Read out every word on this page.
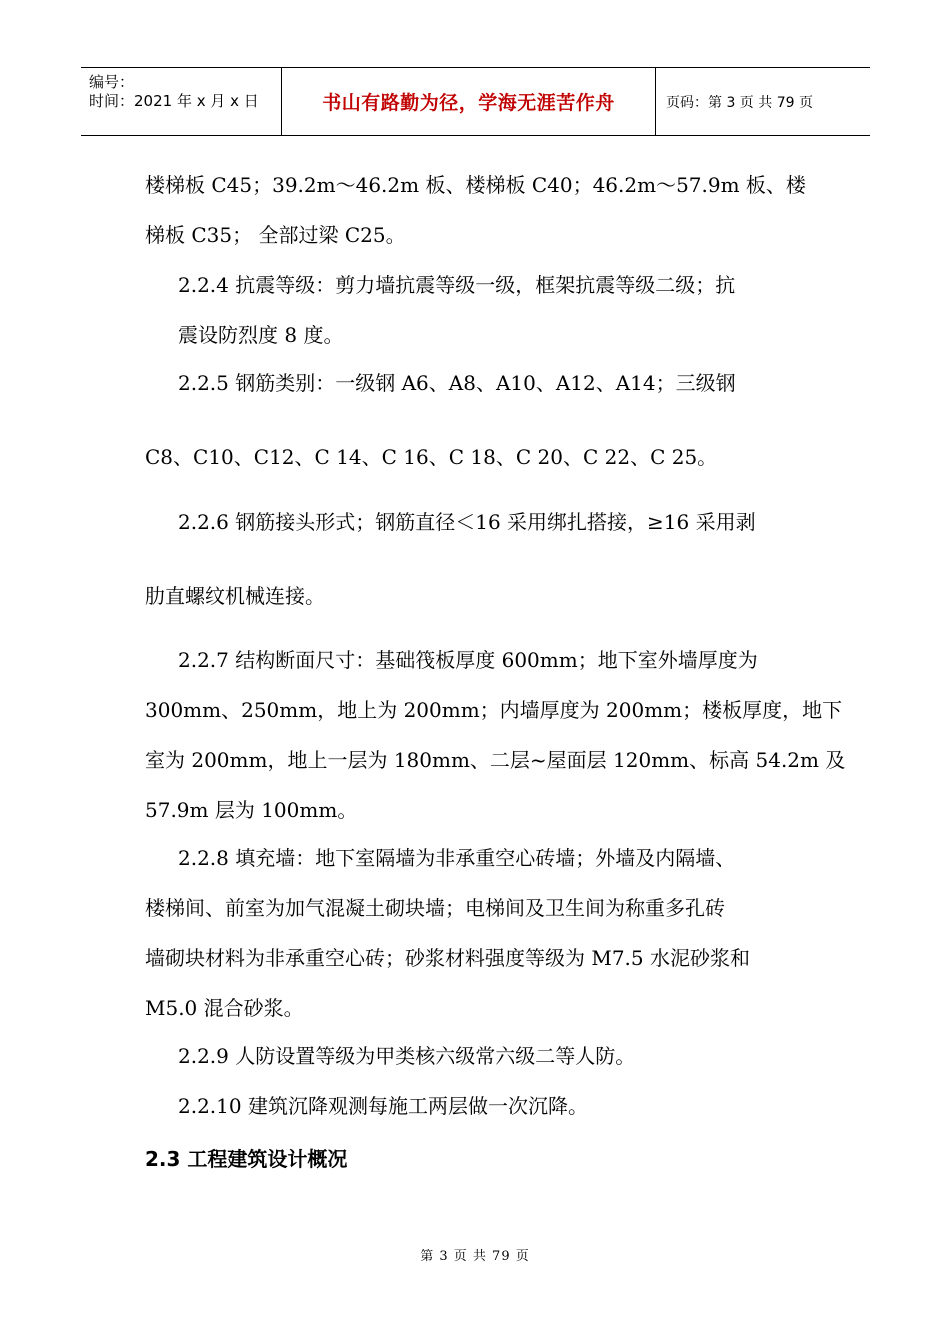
编号：
时间：2021 年 x 月 x 日	书山有路勤为径，学海无涯苦作舟	页码：第 3 页 共 79 页

楼梯板 C45；39.2m～46.2m 板、楼梯板 C40；46.2m～57.9m 板、楼
梯板 C35； 全部过梁 C25。

2.2.4 抗震等级：剪力墙抗震等级一级，框架抗震等级二级；抗
震设防烈度 8 度。

2.2.5 钢筋类别：一级钢 A6、A8、A10、A12、A14；三级钢
C8、C10、C12、C 14、C 16、C 18、C 20、C 22、C 25。

2.2.6 钢筋接头形式；钢筋直径＜16 采用绑扎搭接，≥16 采用剥
肋直螺纹机械连接。

2.2.7 结构断面尺寸：基础筏板厚度 600mm；地下室外墙厚度为
300mm、250mm，地上为 200mm；内墙厚度为 200mm；楼板厚度，地下
室为 200mm，地上一层为 180mm、二层~屋面层 120mm、标高 54.2m 及
57.9m 层为 100mm。

2.2.8 填充墙：地下室隔墙为非承重空心砖墙；外墙及内隔墙、
楼梯间、前室为加气混凝土砌块墙；电梯间及卫生间为称重多孔砖
墙砌块材料为非承重空心砖；砂浆材料强度等级为 M7.5 水泥砂浆和
M5.0 混合砂浆。

2.2.9 人防设置等级为甲类核六级常六级二等人防。

2.2.10 建筑沉降观测每施工两层做一次沉降。

2.3 工程建筑设计概况
第 3 页 共 79 页
